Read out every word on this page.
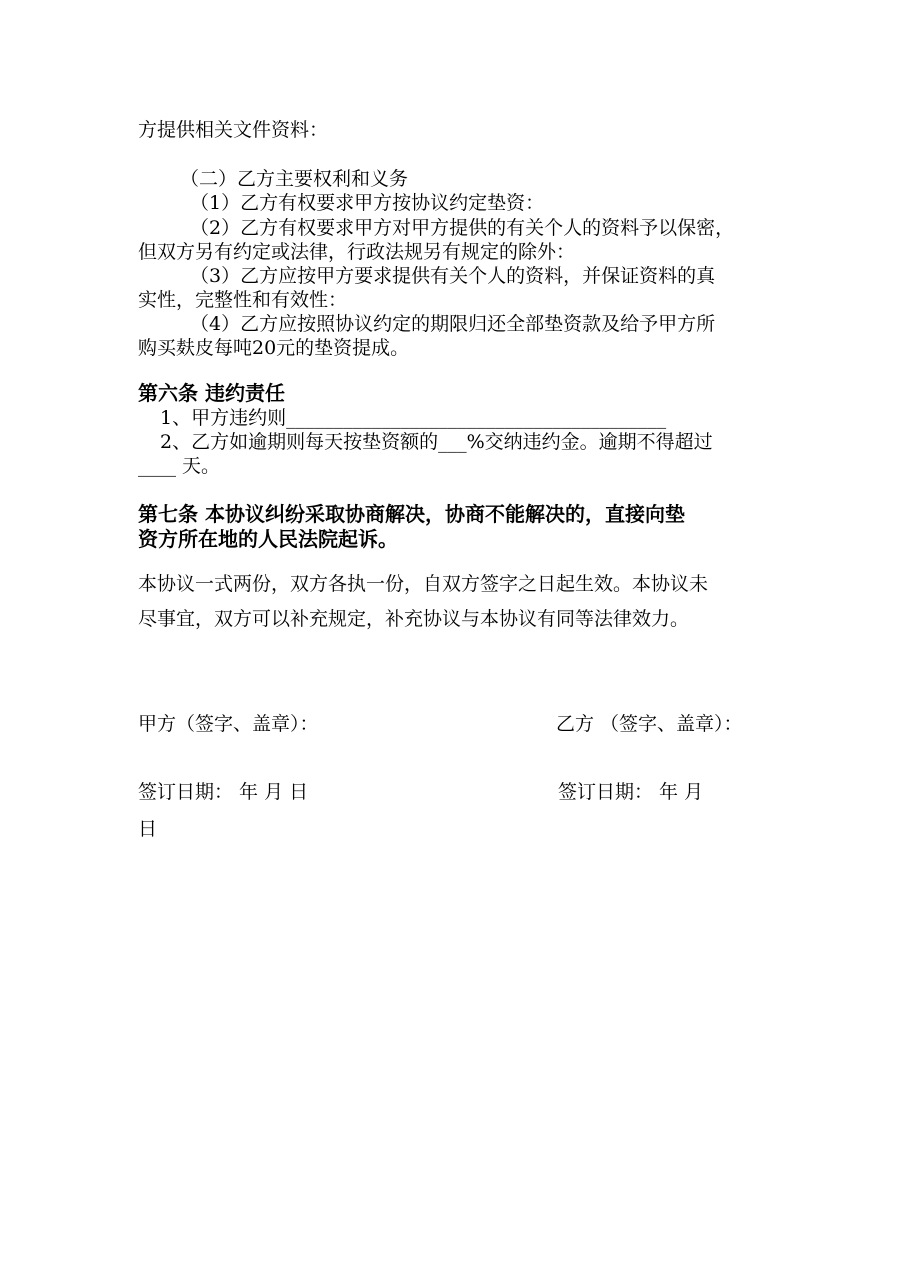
方提供相关文件资料：
（二）乙方主要权利和义务
（1）乙方有权要求甲方按协议约定垫资：
（2）乙方有权要求甲方对甲方提供的有关个人的资料予以保密，
但双方另有约定或法律，行政法规另有规定的除外：
（3）乙方应按甲方要求提供有关个人的资料，并保证资料的真
实性，完整性和有效性：
（4）乙方应按照协议约定的期限归还全部垫资款及给予甲方所
购买麸皮每吨20元的垫资提成。
第六条 违约责任
1、甲方违约则________________________________________
2、乙方如逾期则每天按垫资额的___%交纳违约金。逾期不得超过
____ 天。
第七条 本协议纠纷采取协商解决，协商不能解决的，直接向垫
资方所在地的人民法院起诉。
本协议一式两份，双方各执一份，自双方签字之日起生效。本协议未
尽事宜，双方可以补充规定，补充协议与本协议有同等法律效力。
甲方（签字、盖章）：	乙方 （签字、盖章）：
签订日期： 年 月 日	签订日期： 年 月
日
